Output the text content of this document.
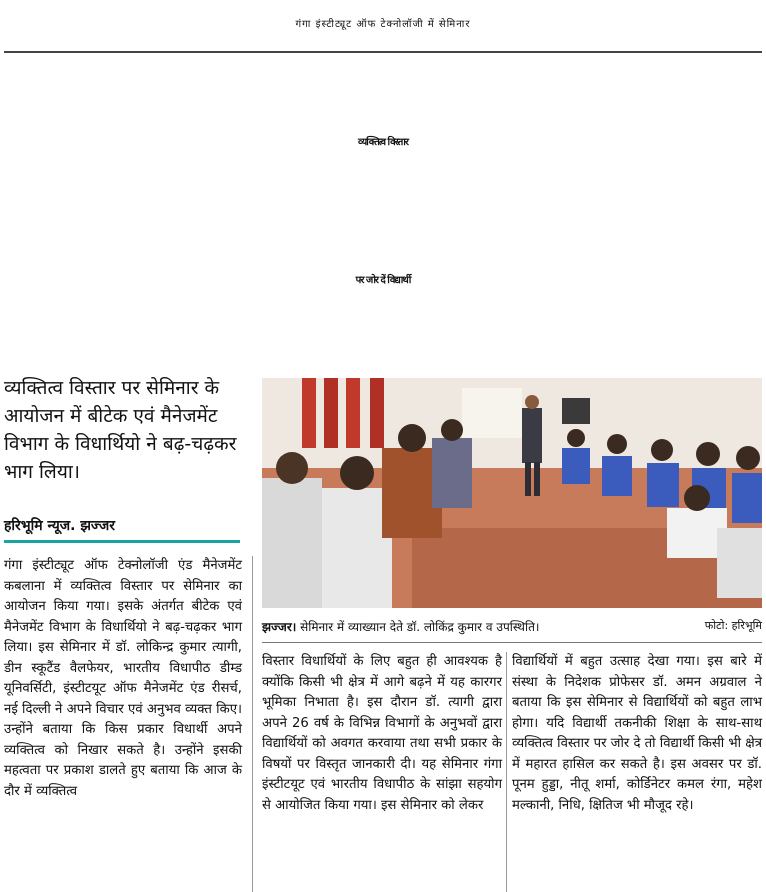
गंगा इंस्टीट्यूट ऑफ टेक्नोलॉजी में सेमिनार
व्यक्तित्व विस्तार
पर जोर दें विद्यार्थी
व्यक्तित्व विस्तार पर सेमिनार के आयोजन में बीटेक एवं मैनेजमेंट विभाग के विधार्थियो ने बढ़-चढ़कर भाग लिया।
हरिभूमि न्यूज. झज्जर
झज्जर। सेमिनार में व्याख्यान देते डॉ. लोकिंद्र कुमार व उपस्थिति।	फोटो: हरिभूमि
गंगा इंस्टीट्यूट ऑफ टेक्नोलॉजी एंड मैनेजमेंट कबलाना में व्यक्तित्व विस्तार पर सेमिनार का आयोजन किया गया। इसके अंतर्गत बीटेक एवं मैनेजमेंट विभाग के विधार्थियो ने बढ़-चढ़कर भाग लिया। इस सेमिनार में डॉ. लोकिन्द्र कुमार त्यागी, डीन स्कूटैंड वैलफेयर, भारतीय विधापीठ डीम्ड यूनिवर्सिटी, इंस्टीटयूट ऑफ मैनेजमेंट एंड रीसर्च, नई दिल्ली ने अपने विचार एवं अनुभव व्यक्त किए। उन्होंने बताया कि किस प्रकार विधार्थी अपने व्यक्तित्व को निखार सकते है। उन्होंने इसकी महत्वता पर प्रकाश डालते हुए बताया कि आज के दौर में व्यक्तित्व
विस्तार विधार्थियों के लिए बहुत ही आवश्यक है क्योंकि किसी भी क्षेत्र में आगे बढ़ने में यह कारगर भूमिका निभाता है। इस दौरान डॉ. त्यागी द्वारा अपने 26 वर्ष के विभिन्न विभागों के अनुभवों द्वारा विद्यार्थियों को अवगत करवाया तथा सभी प्रकार के विषयों पर विस्तृत जानकारी दी। यह सेमिनार गंगा इंस्टीटयूट एवं भारतीय विधापीठ के सांझा सहयोग से आयोजित किया गया। इस सेमिनार को लेकर
विद्यार्थियों में बहुत उत्साह देखा गया। इस बारे में संस्था के निदेशक प्रोफेसर डॉ. अमन अग्रवाल ने बताया कि इस सेमिनार से विद्यार्थियों को बहुत लाभ होगा। यदि विद्यार्थी तकनीकी शिक्षा के साथ-साथ व्यक्तित्व विस्तार पर जोर दे तो विद्यार्थी किसी भी क्षेत्र में महारत हासिल कर सकते है। इस अवसर पर डॉ. पूनम हुड्डा, नीतू शर्मा, कोर्डिनेटर कमल रंगा, महेश मल्कानी, निधि, क्षितिज भी मौजूद रहे।
